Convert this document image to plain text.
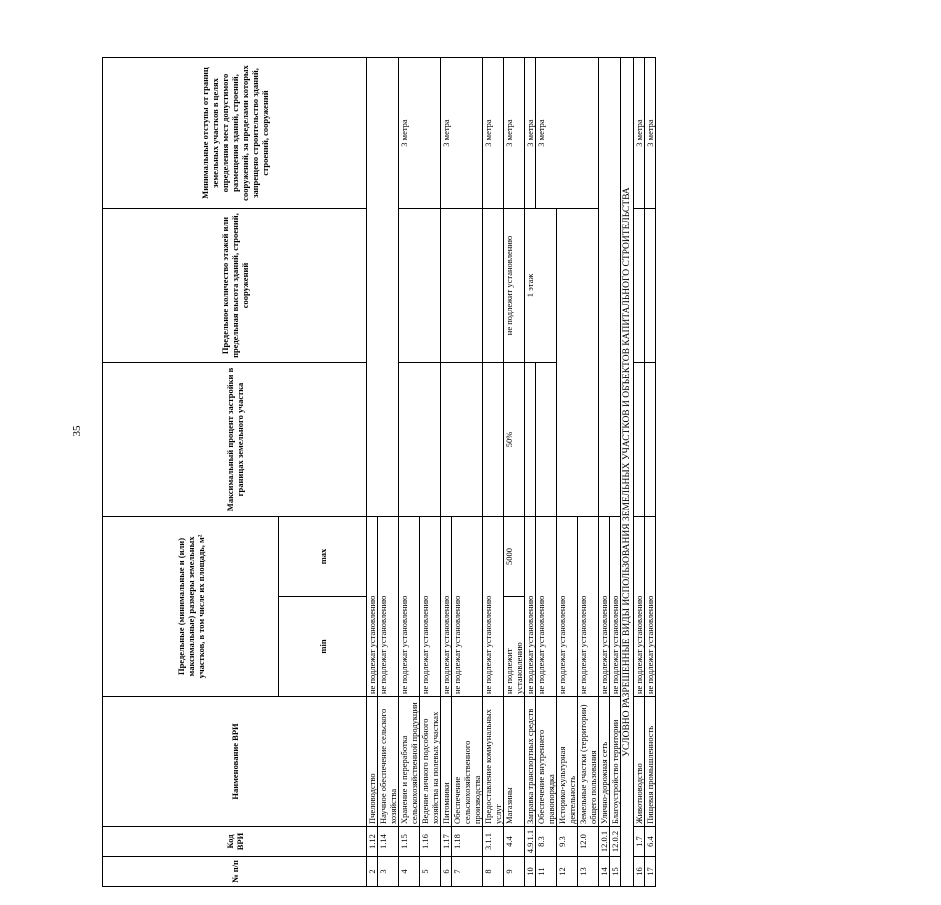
35
№ п/п	Код ВРИ	Наименование ВРИ	Предельные (минимальные и (или) максимальные) размеры земельных участков, в том числе их площадь, м²		Максимальный процент застройки в границах земельного участка	Предельное количество этажей или предельная высота зданий, строений, сооружений	Минимальные отступы от границ земельных участков в целях определения мест допустимого размещения зданий, строений, сооружений, за пределами которых запрещено строительство зданий, строений, сооружений
			min	max			
2	1.12	Пчеловодство	не подлежат установлению				
3	1.14	Научное обеспечение сельского хозяйства	не подлежат установлению				
4	1.15	Хранение и переработка сельскохозяйственной продукции	не подлежат установлению				3 метра
5	1.16	Ведение личного подсобного хозяйства на полевых участках	не подлежат установлению				
6	1.17	Питомники	не подлежат установлению				3 метра
7	1.18	Обеспечение сельскохозяйственного производства	не подлежат установлению				
8	3.1.1	Предоставление коммунальных услуг	не подлежат установлению				3 метра
9	4.4	Магазины	не подлежит установлению	5000	50%	не подлежит установлению	3 метра
10	4.9.1.1	Заправка транспортных средств	не подлежат установлению			1 этаж	3 метра
11	8.3	Обеспечение внутреннего правопорядка	не подлежат установлению				3 метра
12	9.3	Историко-культурная деятельность	не подлежат установлению				
13	12.0	Земельные участки (территории) общего пользования	не подлежат установлению				
14	12.0.1	Улично-дорожная сеть	не подлежат установлению				
15	12.0.2	Благоустройство территории	не подлежат установлению				
УСЛОВНО РАЗРЕШЕННЫЕ ВИДЫ ИСПОЛЬЗОВАНИЯ ЗЕМЕЛЬНЫХ УЧАСТКОВ И ОБЪЕКТОВ КАПИТАЛЬНОГО СТРОИТЕЛЬСТВА							
16	1.7	Животноводство	не подлежат установлению				3 метра
17	6.4	Пищевая промышленность	не подлежат установлению				3 метра
